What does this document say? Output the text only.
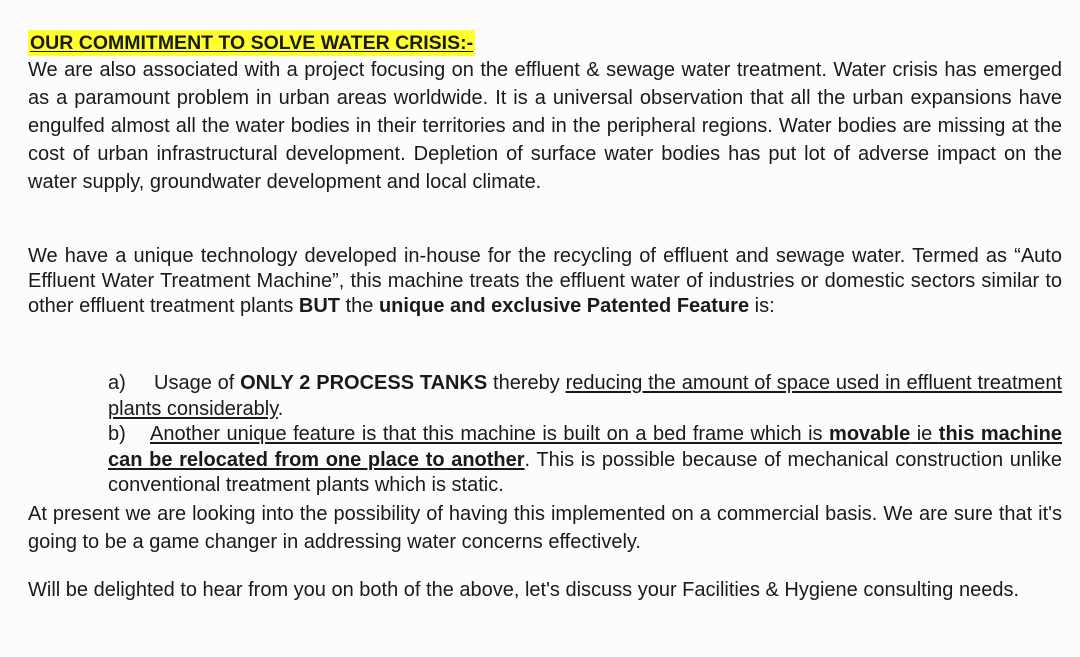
OUR COMMITMENT TO SOLVE WATER CRISIS:-
We are also associated with a project focusing on the effluent & sewage water treatment. Water crisis has emerged as a paramount problem in urban areas worldwide. It is a universal observation that all the urban expansions have engulfed almost all the water bodies in their territories and in the peripheral regions. Water bodies are missing at the cost of urban infrastructural development. Depletion of surface water bodies has put lot of adverse impact on the water supply, groundwater development and local climate.
We have a unique technology developed in-house for the recycling of effluent and sewage water. Termed as “Auto Effluent Water Treatment Machine”, this machine treats the effluent water of industries or domestic sectors similar to other effluent treatment plants BUT the unique and exclusive Patented Feature is:
a) Usage of ONLY 2 PROCESS TANKS thereby reducing the amount of space used in effluent treatment plants considerably.
b) Another unique feature is that this machine is built on a bed frame which is movable ie this machine can be relocated from one place to another. This is possible because of mechanical construction unlike conventional treatment plants which is static.
At present we are looking into the possibility of having this implemented on a commercial basis. We are sure that it's going to be a game changer in addressing water concerns effectively.
Will be delighted to hear from you on both of the above, let's discuss your Facilities & Hygiene consulting needs.
